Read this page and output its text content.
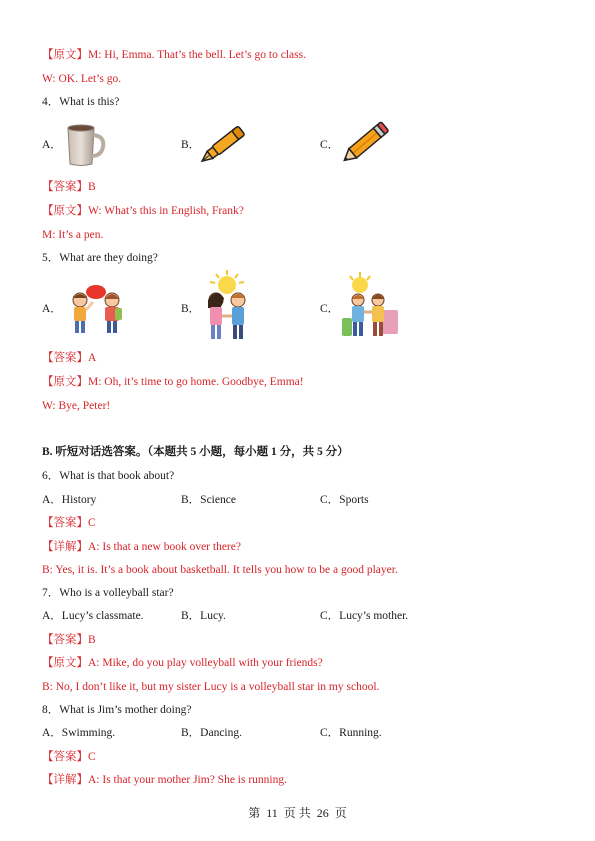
【原文】M: Hi, Emma. That’s the bell. Let’s go to class.
W: OK. Let’s go.
4．What is this?
A．	B．	C．
【答案】B
【原文】W: What’s this in English, Frank?
M: It’s a pen.
5．What are they doing?
A．	B．	C．
【答案】A
【原文】M: Oh, it’s time to go home. Goodbye, Emma!
W: Bye, Peter!
B. 听短对话选答案。（本题共 5 小题，每小题 1 分，共 5 分）
6．What is that book about?
A．History	B．Science	C．Sports
【答案】C
【详解】A: Is that a new book over there?
B: Yes, it is. It’s a book about basketball. It tells you how to be a good player.
7．Who is a volleyball star?
A．Lucy’s classmate.	B．Lucy.	C．Lucy’s mother.
【答案】B
【原文】A: Mike, do you play volleyball with your friends?
B: No, I don’t like it, but my sister Lucy is a volleyball star in my school.
8．What is Jim’s mother doing?
A．Swimming.	B．Dancing.	C．Running.
【答案】C
【详解】A: Is that your mother Jim? She is running.
第 11 页 共 26 页
